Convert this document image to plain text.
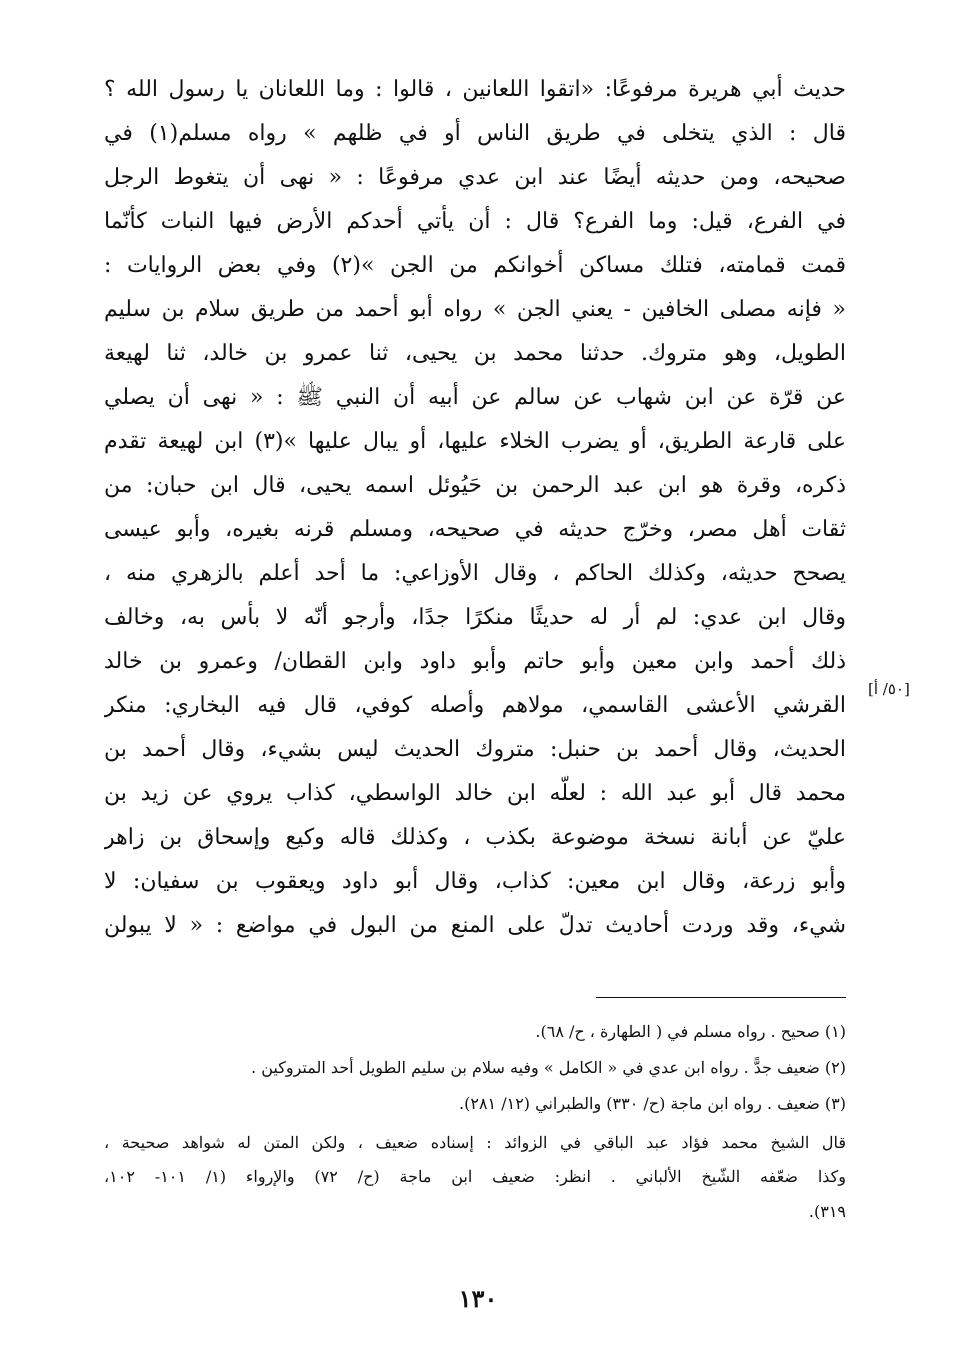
حديث أبي هريرة مرفوعًا: «اتقوا اللعانين ، قالوا : وما اللعانان يا رسول الله ؟
قال : الذي يتخلى في طريق الناس أو في ظلهم » رواه مسلم(١) في
صحيحه، ومن حديثه أيضًا عند ابن عدي مرفوعًا : « نهى أن يتغوط الرجل
في الفرع، قيل: وما الفرع؟ قال : أن يأتي أحدكم الأرض فيها النبات كأنّما
قمت قمامته، فتلك مساكن أخوانكم من الجن »(٢) وفي بعض الروايات :
« فإنه مصلى الخافين - يعني الجن » رواه أبو أحمد من طريق سلام بن سليم
الطويل، وهو متروك. حدثنا محمد بن يحيى، ثنا عمرو بن خالد، ثنا لهيعة
عن قرّة عن ابن شهاب عن سالم عن أبيه أن النبي ﷺ : « نهى أن يصلي
على قارعة الطريق، أو يضرب الخلاء عليها، أو يبال عليها »(٣) ابن لهيعة تقدم
ذكره، وقرة هو ابن عبد الرحمن بن حَيُوئل اسمه يحيى، قال ابن حبان: من
ثقات أهل مصر، وخرّج حديثه في صحيحه، ومسلم قرنه بغيره، وأبو عيسى
يصحح حديثه، وكذلك الحاكم ، وقال الأوزاعي: ما أحد أعلم بالزهري منه ،
وقال ابن عدي: لم أر له حديثًا منكرًا جدًا، وأرجو أنّه لا بأس به، وخالف
ذلك أحمد وابن معين وأبو حاتم وأبو داود وابن القطان/ وعمرو بن خالد
القرشي الأعشى القاسمي، مولاهم وأصله كوفي، قال فيه البخاري: منكر
الحديث، وقال أحمد بن حنبل: متروك الحديث ليس بشيء، وقال أحمد بن
محمد قال أبو عبد الله : لعلّه ابن خالد الواسطي، كذاب يروي عن زيد بن
عليّ عن أبانة نسخة موضوعة بكذب ، وكذلك قاله وكيع وإسحاق بن زاهر
وأبو زرعة، وقال ابن معين: كذاب، وقال أبو داود ويعقوب بن سفيان: لا
شيء، وقد وردت أحاديث تدلّ على المنع من البول في مواضع : « لا يبولن
[٥٠/ أ]
(١) صحيح . رواه مسلم في ( الطهارة ، ح/ ٦٨).
(٢) ضعيف جدًّ . رواه ابن عدي في « الكامل » وفيه سلام بن سليم الطويل أحد المتروكين .
(٣) ضعيف . رواه ابن ماجة (ح/ ٣٣٠) والطبراني (١٢/ ٢٨١).
قال الشيخ محمد فؤاد عبد الباقي في الزوائد : إسناده ضعيف ، ولكن المتن له شواهد صحيحة ،
وكذا ضعّفه الشّيخ الألباني . انظر: ضعيف ابن ماجة (ح/ ٧٢) والإرواء (١/ ١٠١- ١٠٢،
٣١٩).
١٣٠
